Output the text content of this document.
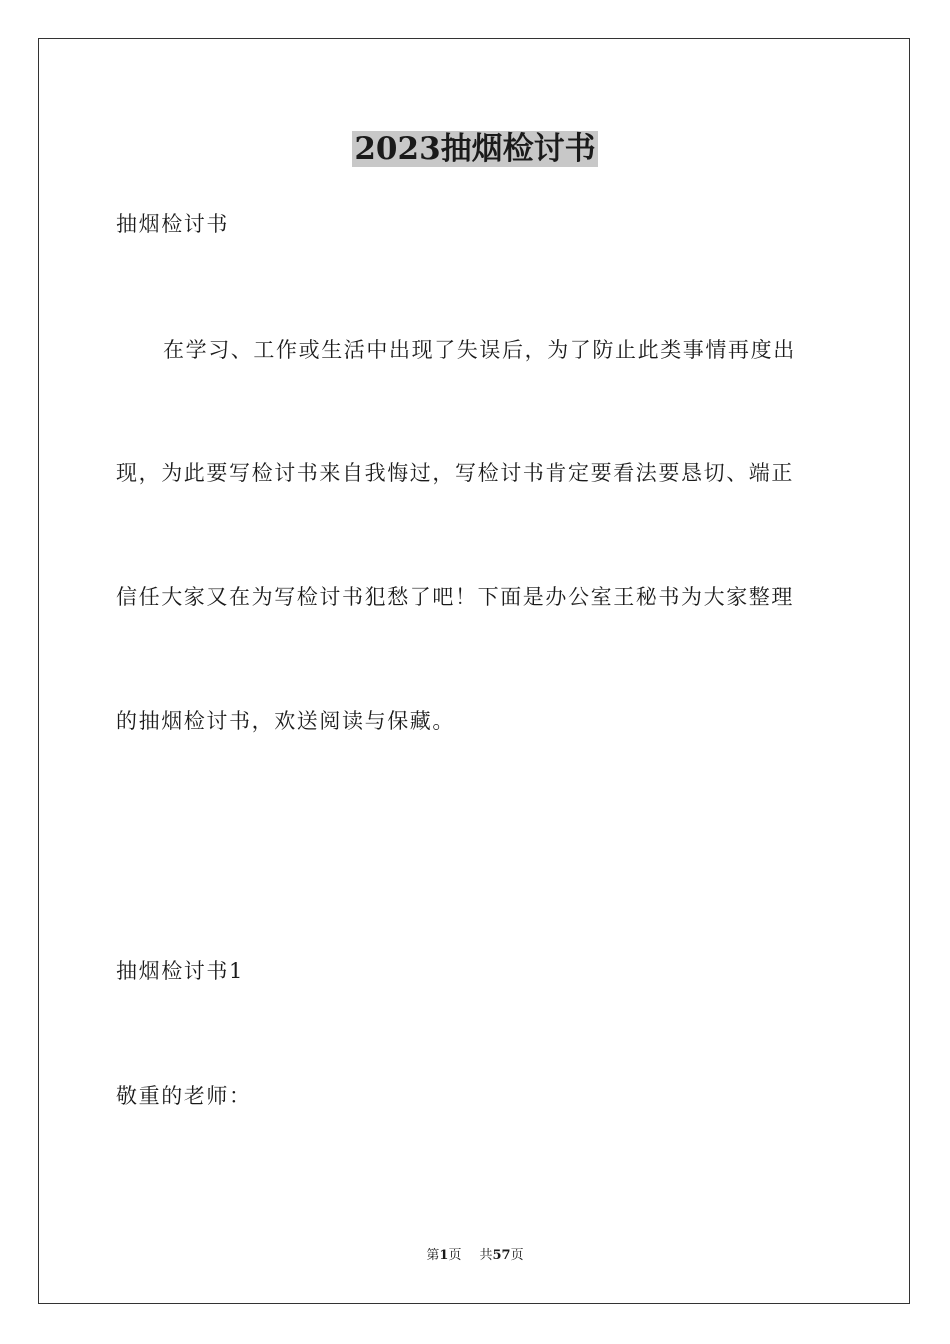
2023抽烟检讨书
抽烟检讨书
在学习、工作或生活中出现了失误后，为了防止此类事情再度出
现，为此要写检讨书来自我悔过，写检讨书肯定要看法要恳切、端正
信任大家又在为写检讨书犯愁了吧！下面是办公室王秘书为大家整理
的抽烟检讨书，欢送阅读与保藏。
抽烟检讨书1
敬重的老师：
第1页 共57页
